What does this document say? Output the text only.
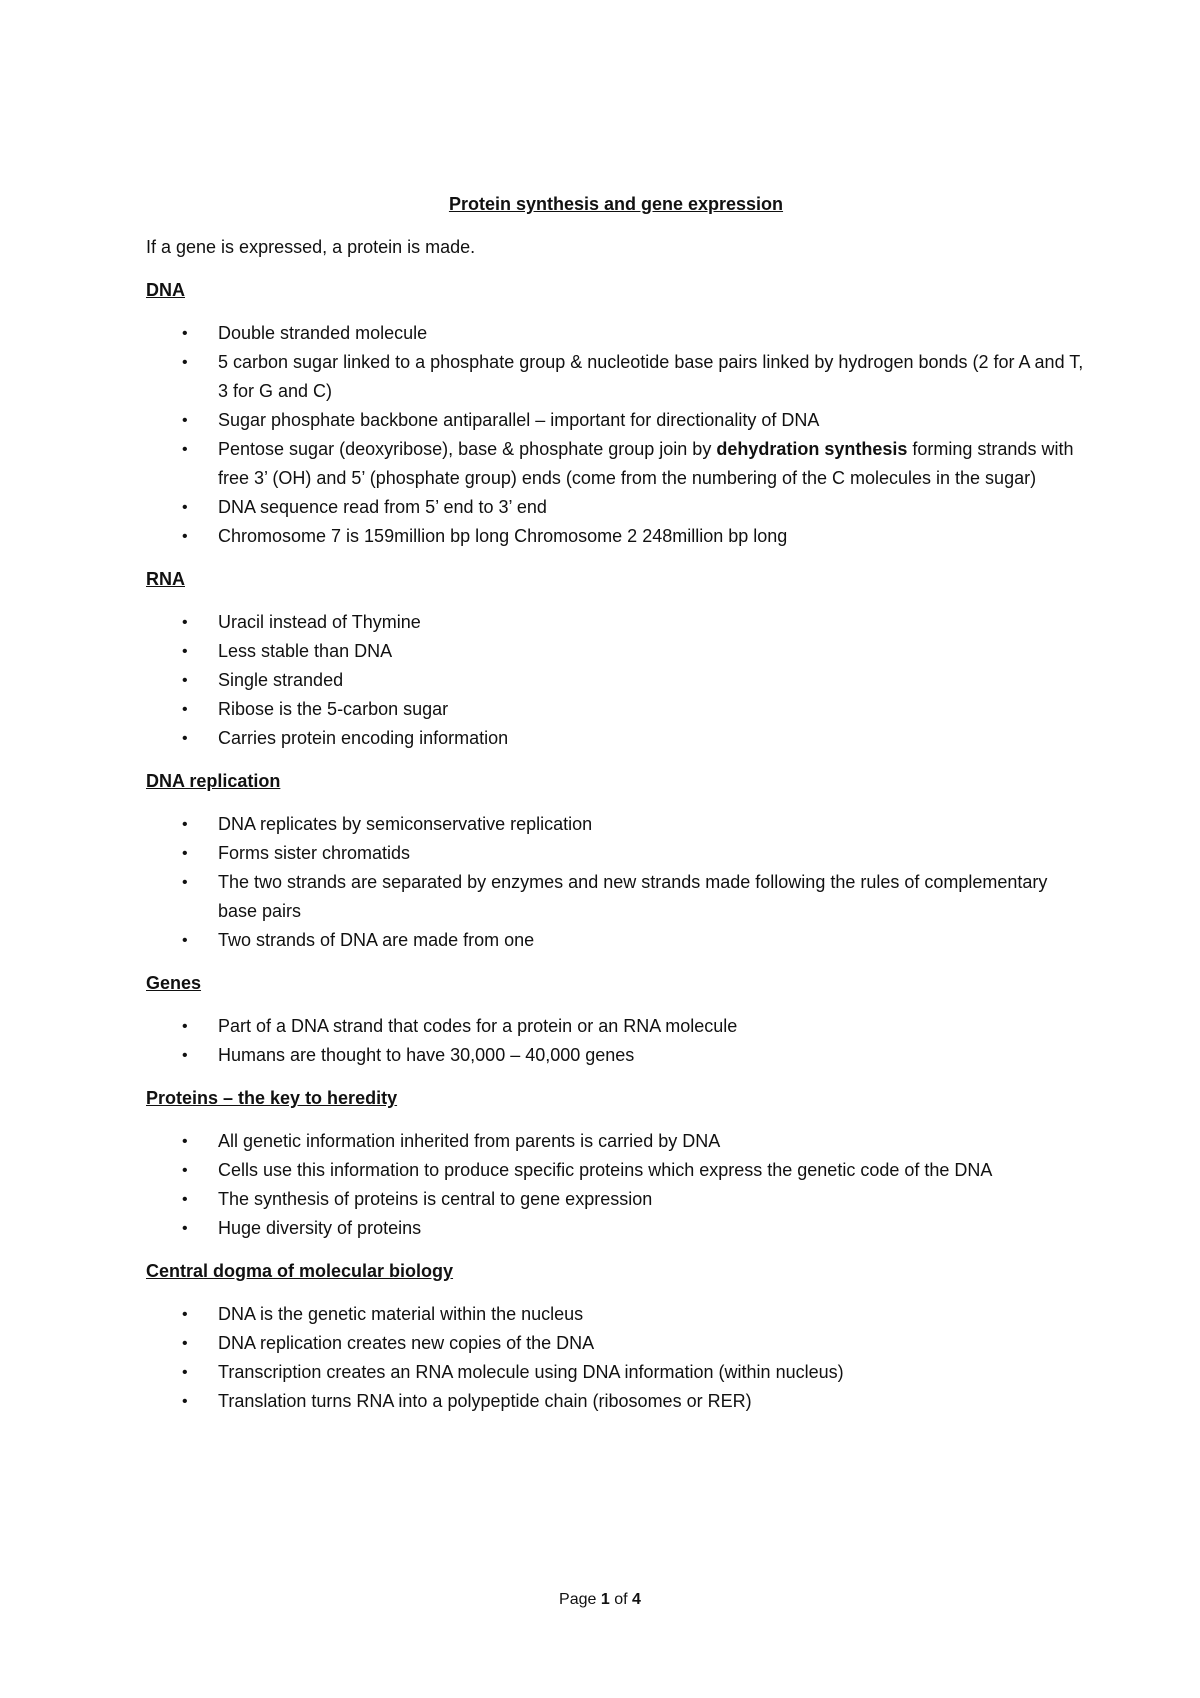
Protein synthesis and gene expression
If a gene is expressed, a protein is made.
DNA
• Double stranded molecule
• 5 carbon sugar linked to a phosphate group & nucleotide base pairs linked by hydrogen bonds (2 for A and T, 3 for G and C)
• Sugar phosphate backbone antiparallel – important for directionality of DNA
• Pentose sugar (deoxyribose), base & phosphate group join by dehydration synthesis forming strands with free 3’ (OH) and 5’ (phosphate group) ends (come from the numbering of the C molecules in the sugar)
• DNA sequence read from 5’ end to 3’ end
• Chromosome 7 is 159million bp long Chromosome 2 248million bp long
RNA
• Uracil instead of Thymine
• Less stable than DNA
• Single stranded
• Ribose is the 5-carbon sugar
• Carries protein encoding information
DNA replication
• DNA replicates by semiconservative replication
• Forms sister chromatids
• The two strands are separated by enzymes and new strands made following the rules of complementary base pairs
• Two strands of DNA are made from one
Genes
• Part of a DNA strand that codes for a protein or an RNA molecule
• Humans are thought to have 30,000 – 40,000 genes
Proteins – the key to heredity
• All genetic information inherited from parents is carried by DNA
• Cells use this information to produce specific proteins which express the genetic code of the DNA
• The synthesis of proteins is central to gene expression
• Huge diversity of proteins
Central dogma of molecular biology
• DNA is the genetic material within the nucleus
• DNA replication creates new copies of the DNA
• Transcription creates an RNA molecule using DNA information (within nucleus)
• Translation turns RNA into a polypeptide chain (ribosomes or RER)
Page 1 of 4
